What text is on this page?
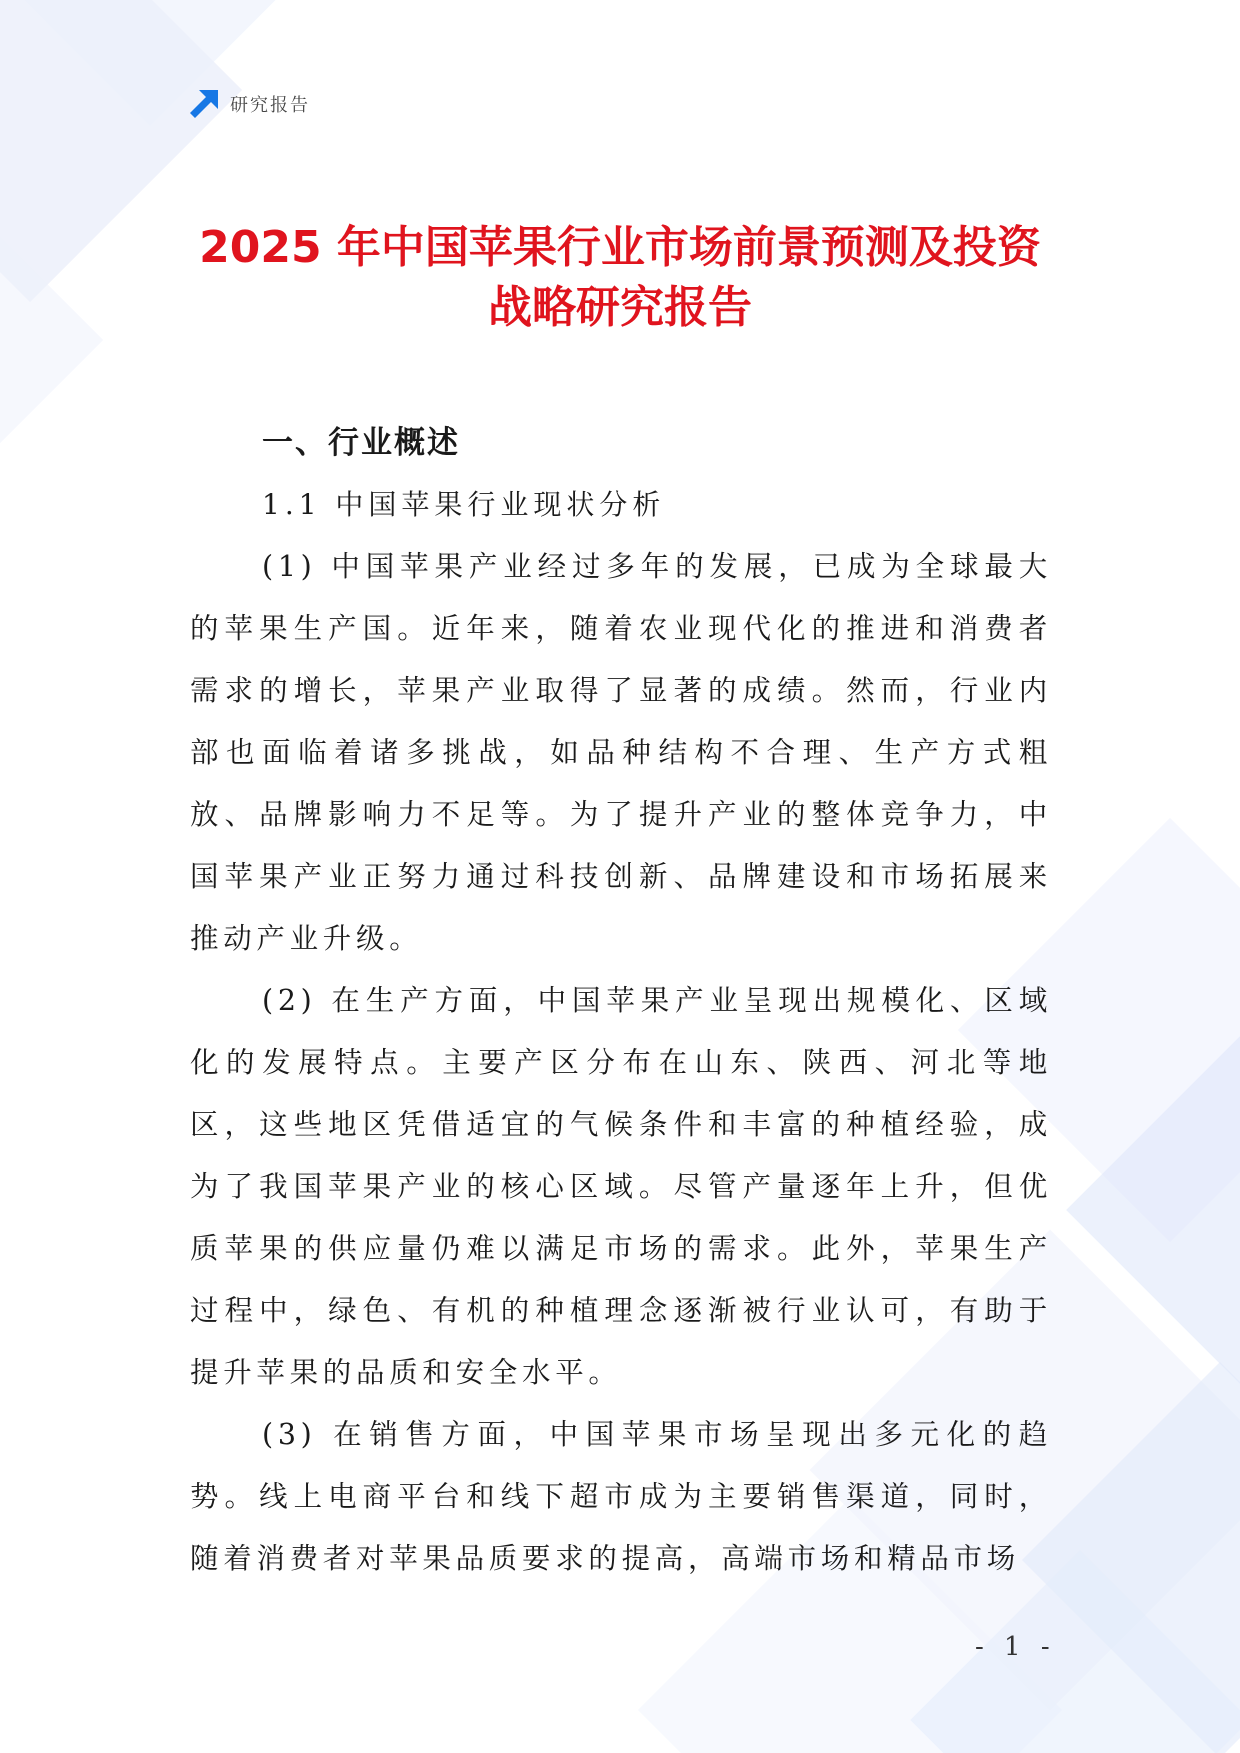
研究报告
2025 年中国苹果行业市场前景预测及投资
战略研究报告
一、行业概述
1.1 中国苹果行业现状分析

(1) 中国苹果产业经过多年的发展，已成为全球最大的苹果生产国。近年来，随着农业现代化的推进和消费者需求的增长，苹果产业取得了显著的成绩。然而，行业内部也面临着诸多挑战，如品种结构不合理、生产方式粗放、品牌影响力不足等。为了提升产业的整体竞争力，中国苹果产业正努力通过科技创新、品牌建设和市场拓展来推动产业升级。

(2) 在生产方面，中国苹果产业呈现出规模化、区域化的发展特点。主要产区分布在山东、陕西、河北等地区，这些地区凭借适宜的气候条件和丰富的种植经验，成为了我国苹果产业的核心区域。尽管产量逐年上升，但优质苹果的供应量仍难以满足市场的需求。此外，苹果生产过程中，绿色、有机的种植理念逐渐被行业认可，有助于提升苹果的品质和安全水平。

(3) 在销售方面，中国苹果市场呈现出多元化的趋势。线上电商平台和线下超市成为主要销售渠道，同时，随着消费者对苹果品质要求的提高，高端市场和精品市场

- 1 -
